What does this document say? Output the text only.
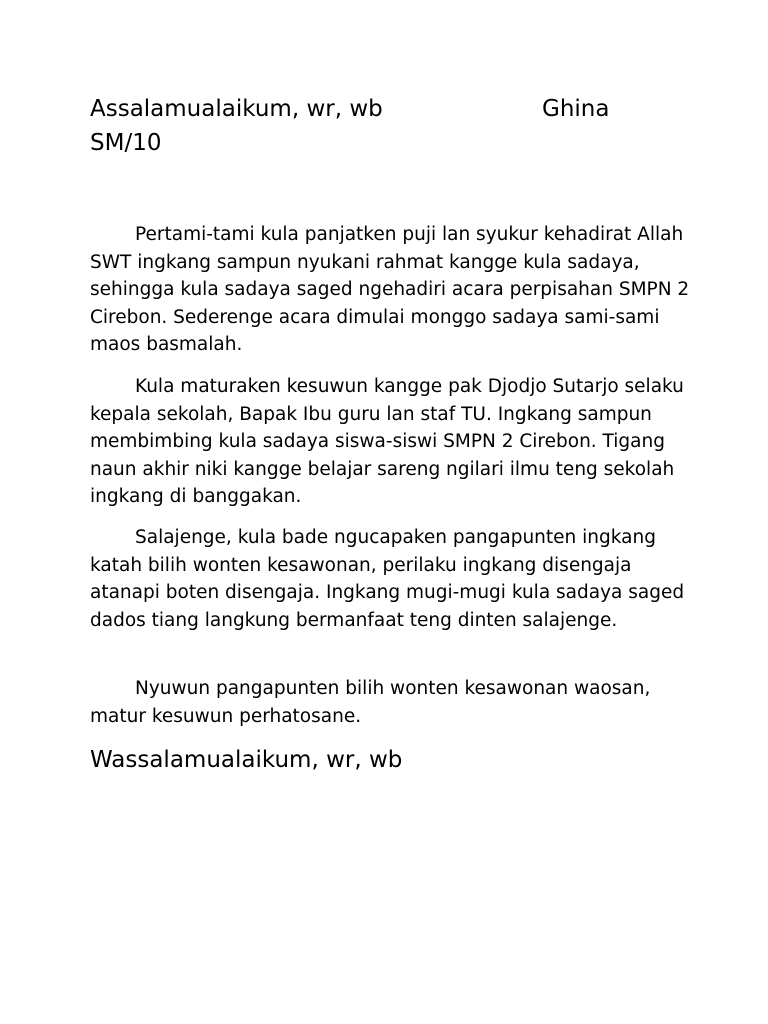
Assalamualaikum, wr, wb	Ghina
SM/10

Pertami-tami kula panjatken puji lan syukur kehadirat Allah SWT ingkang sampun nyukani rahmat kangge kula sadaya, sehingga kula sadaya saged ngehadiri acara perpisahan SMPN 2 Cirebon. Sederenge acara dimulai monggo sadaya sami-sami maos basmalah.

Kula maturaken kesuwun kangge pak Djodjo Sutarjo selaku kepala sekolah, Bapak Ibu guru lan staf TU. Ingkang sampun membimbing kula sadaya siswa-siswi SMPN 2 Cirebon. Tigang naun akhir niki kangge belajar sareng ngilari ilmu teng sekolah ingkang di banggakan.

Salajenge, kula bade ngucapaken pangapunten ingkang katah bilih wonten kesawonan, perilaku ingkang disengaja atanapi boten disengaja. Ingkang mugi-mugi kula sadaya saged dados tiang langkung bermanfaat teng dinten salajenge.

Nyuwun pangapunten bilih wonten kesawonan waosan, matur kesuwun perhatosane.

Wassalamualaikum, wr, wb
